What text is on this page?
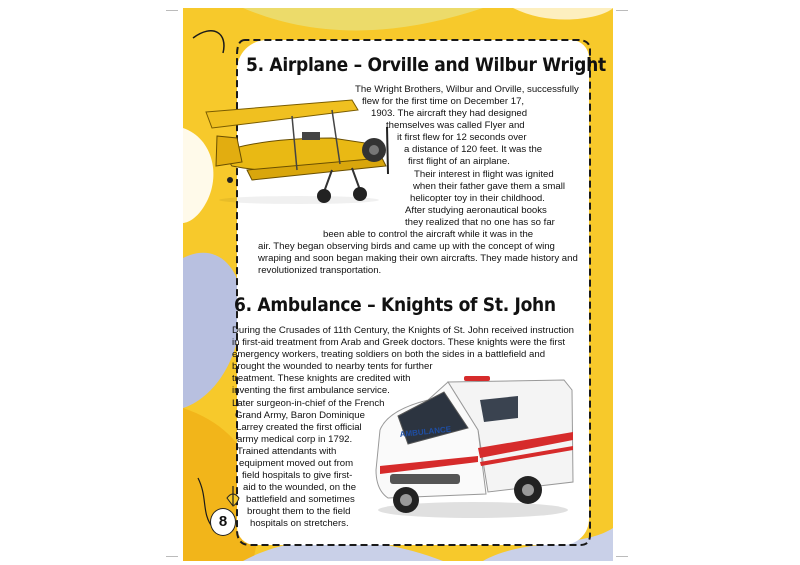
5. Airplane – Orville and Wilbur Wright
The Wright Brothers, Wilbur and Orville, successfully
flew for the first time on December 17,
1903. The aircraft they had designed
themselves was called Flyer and
it first flew for 12 seconds over
a distance of 120 feet. It was the
first flight of an airplane.
Their interest in flight was ignited
when their father gave them a small
helicopter toy in their childhood.
After studying aeronautical books
they realized that no one has so far
been able to control the aircraft while it was in the
air. They began observing birds and came up with the concept of wing
wraping and soon began making their own aircrafts. They made history and
revolutionized transportation.
6. Ambulance – Knights of St. John
During the Crusades of 11th Century, the Knights of St. John received instruction
in first-aid treatment from Arab and Greek doctors. These knights were the first
emergency workers, treating soldiers on both the sides in a battlefield and
brought the wounded to nearby tents for further
treatment. These knights are credited with
inventing the first ambulance service.
Later surgeon-in-chief of the French
Grand Army, Baron Dominique
Larrey created the first official
army medical corp in 1792.
Trained attendants with
equipment moved out from
field hospitals to give first-
aid to the wounded, on the
battlefield and sometimes
brought them to the field
hospitals on stretchers.
AMBULANCE
8
